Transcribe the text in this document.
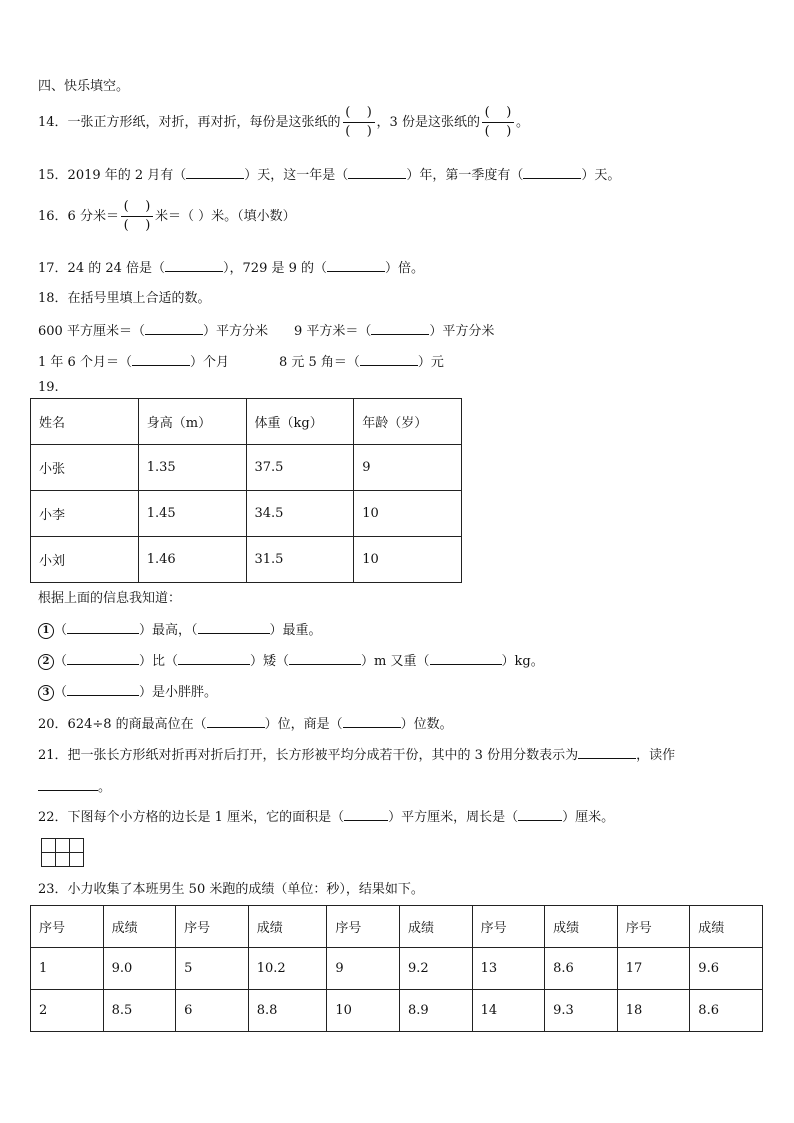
四、快乐填空。
14．一张正方形纸，对折，再对折，每份是这张纸的 $\frac{( )}{( )}$ ，3 份是这张纸的 $\frac{( )}{( )}$ 。
15．2019 年的 2 月有（	）天，这一年是（	）年，第一季度有（	）天。
16．6 分米＝ $\frac{( )}{( )}$ 米＝（ ）米。（填小数）
17．24 的 24 倍是（	），729 是 9 的（	）倍。
18．在括号里填上合适的数。
600 平方厘米＝（	）平方分米 9 平方米＝（	）平方分米
1 年 6 个月＝（	）个月	8 元 5 角＝（	）元
19.
姓名	身高（m）	体重（kg）	年龄（岁）
小张	1.35	37.5	9
小李	1.45	34.5	10
小刘	1.46	31.5	10
根据上面的信息我知道：
1 （	）最高，（	）最重。
2 （	）比（	）矮（	）m 又重（	）kg。
3 （	）是小胖胖。
20．624÷8 的商最高位在（	）位，商是（	）位数。
21．把一张长方形纸对折再对折后打开，长方形被平均分成若干份，其中的 3 份用分数表示为	，读作
。
22．下图每个小方格的边长是 1 厘米，它的面积是（	）平方厘米，周长是（	）厘米。
23．小力收集了本班男生 50 米跑的成绩（单位：秒），结果如下。
序号	成绩	序号	成绩	序号	成绩	序号	成绩	序号	成绩
1	9.0	5	10.2	9	9.2	13	8.6	17	9.6
2	8.5	6	8.8	10	8.9	14	9.3	18	8.6
